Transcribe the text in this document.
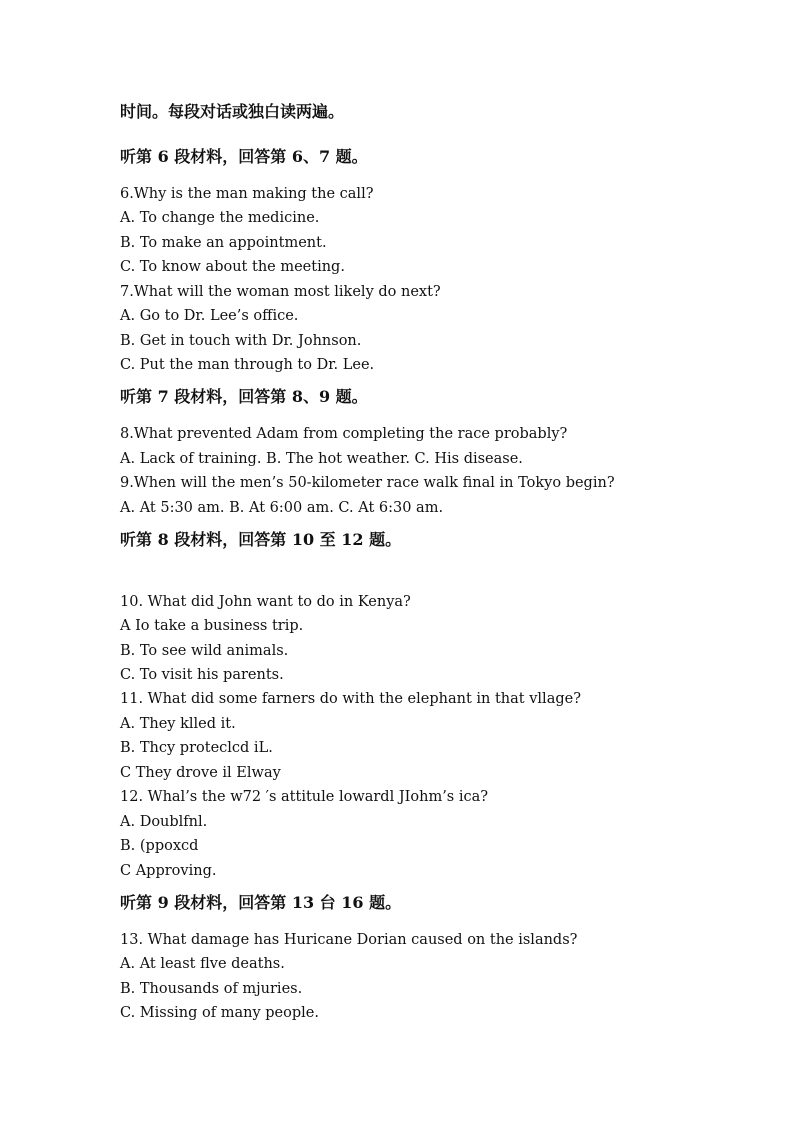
时间。每段对话或独白读两遍。
听第 6 段材料，回答第 6、7 题。
6.Why is the man making the call?
A. To change the medicine.
B. To make an appointment.
C. To know about the meeting.
7.What will the woman most likely do next?
A. Go to Dr. Lee’s office.
B. Get in touch with Dr. Johnson.
C. Put the man through to Dr. Lee.
听第 7 段材料，回答第 8、9 题。
8.What prevented Adam from completing the race probably?
A. Lack of training. B. The hot weather. C. His disease.
9.When will the men’s 50-kilometer race walk final in Tokyo begin?
A. At 5:30 am. B. At 6:00 am. C. At 6:30 am.
听第 8 段材料，回答第 10 至 12 题。
10. What did John want to do in Kenya?
A Io take a business trip.
B. To see wild animals.
C. To visit his parents.
11. What did some farners do with the elephant in that vllage?
A. They klled it.
B. Thcy proteclcd iL.
C They drove il Elway
12. Whal’s the w72 ′s attitule lowardl JIohm’s ica?
A. Doublfnl.
B. (ppoxcd
C Approving.
听第 9 段材料，回答第 13 台 16 题。
13. What damage has Huricane Dorian caused on the islands?
A. At least flve deaths.
B. Thousands of mjuries.
C. Missing of many people.
